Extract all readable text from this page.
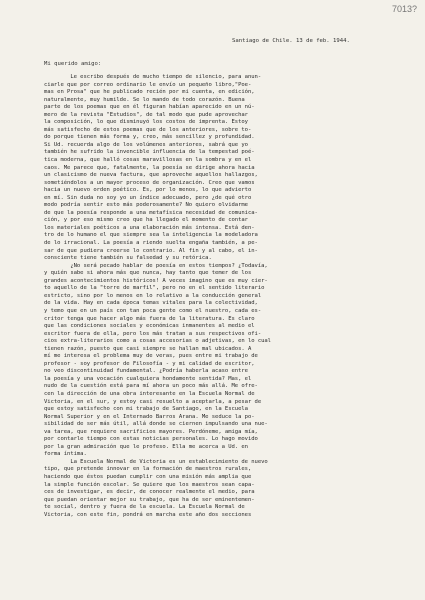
7013?
Santiago de Chile. 13 de feb. 1944.
Mi querido amigo:

Le escribo después de mucho tiempo de silencio, para anun-
ciarle que por correo ordinario le envío un pequeño libro,"Poe-
mas en Prosa" que he publicado recién por mi cuenta, en edición,
naturalmente, muy humilde. Se lo mando de todo corazón. Buena
parte de los poemas que en él figuran habían aparecido en un nú-
mero de la revista "Estudios", de tal modo que pude aprovechar
la composición, lo que disminuyó los costos de imprenta. Estoy
más satisfecho de estos poemas que de los anteriores, sobre to-
do porque tienen más forma y, creo, más sencillez y profundidad.
Si Ud. recuerda algo de los volúmenes anteriores, sabrá que yo
también he sufrido la invencible influencia de la tempestad poé-
tica moderna, que halló cosas maravillosas en la sombra y en el
caos. Me parece que, fatalmente, la poesía se dirige ahora hacia
un clasicismo de nueva factura, que aproveche aquellos hallazgos,
sometiéndolos a un mayor proceso de organización. Creo que vamos
hacia un nuevo orden poético. Es, por lo menos, lo que advierto
en mí. Sin duda no soy yo un índice adecuado, pero ¿de qué otro
modo podría sentir esto más poderosamente? No quiero olvidarme
de que la poesía responde a una metafísica necesidad de comunica-
ción, y por eso mismo creo que ha llegado el momento de contar
los materiales poéticos a una elaboración más intensa. Está den-
tro de lo humano el que siempre sea la inteligencia la modeladora
de lo irracional. La poesía a riendo suelta engaña también, a pe-
sar de que pudiera creerse lo contrario. Al fin y al cabo, el in-
consciente tiene también su falsedad y su retórica.

¿No será pecado hablar de poesía en estos tiempos? ¿Todavía,
y quién sabe si ahora más que nunca, hay tanto que temer de los
grandes acontecimientos históricos! A veces imagino que es muy cier-
to aquello de la "torre de marfil", pero no en el sentido literario
estricto, sino por lo menos en lo relativo a la conducción general
de la vida. Hay en cada época temas vitales para la colectividad,
y temo que en un país con tan poca gente como el nuestro, cada es-
critor tenga que hacer algo más fuera de la literatura. Es claro
que las condiciones sociales y económicas inmanentes al medio el
escritor fuera de ella, pero los más tratan a sus respectivos ofi-
cios extra-literarios como a cosas accesorias o adjetivas, en lo cual
tienen razón, puesto que casi siempre se hallan mal ubicados. A
mí me interesa el problema muy de veras, pues entre mi trabajo de
profesor - soy profesor de Filosofía - y mi calidad de escritor,
no veo discontinuidad fundamental. ¿Podría haberla acaso entre
la poesía y una vocación cualquiera hondamente sentida? Mas, el
nudo de la cuestión está para mí ahora un poco más allá. Me ofre-
cen la dirección de una obra interesante en la Escuela Normal de
Victoria, en el sur, y estoy casi resuelto a aceptarla, a pesar de
que estoy satisfecho con mi trabajo de Santiago, en la Escuela
Normal Superior y en el Internado Barros Arana. Me seduce la po-
sibilidad de ser más útil, allá donde se ciernen impulsando una nue-
va tarea, que requiere sacrificios mayores. Perdóneme, amiga mía,
por contarle tiempo con estas noticias personales. Lo hago movido
por la gran admiración que le profeso. Ella me acerca a Ud. en
forma íntima.

La Escuela Normal de Victoria es un establecimiento de nuevo
tipo, que pretende innovar en la formación de maestros rurales,
haciendo que éstos puedan cumplir con una misión más amplia que
la simple función escolar. Se quiere que los maestros sean capa-
ces de investigar, es decir, de conocer realmente el medio, para
que puedan orientar mejor su trabajo, que ha de ser eminentemen-
te social, dentro y fuera de la escuela. La Escuela Normal de
Victoria, con este fin, pondrá en marcha este año dos secciones
